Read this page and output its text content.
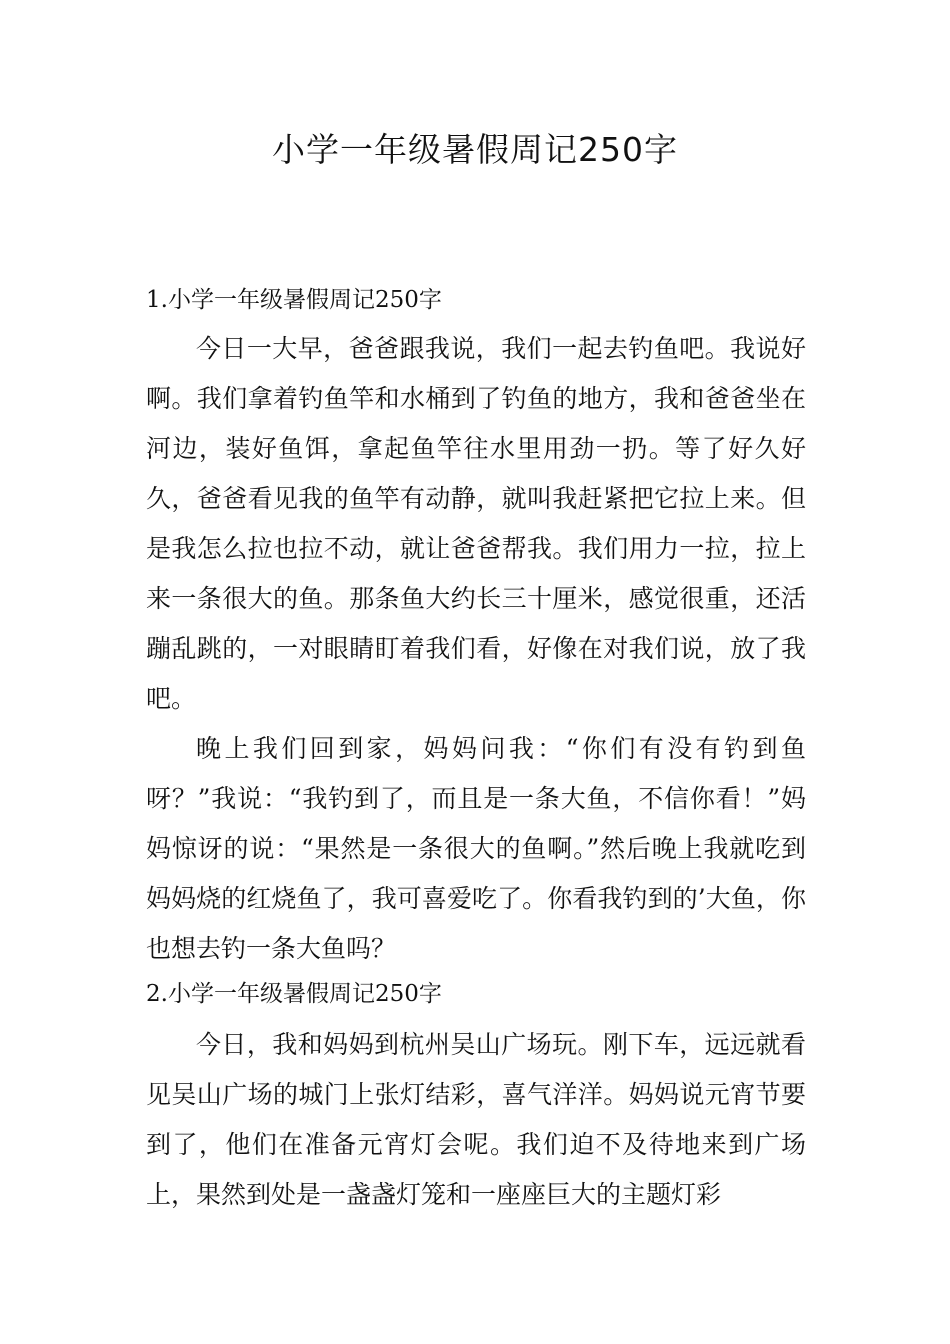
小学一年级暑假周记250字

1.小学一年级暑假周记250字

今日一大早，爸爸跟我说，我们一起去钓鱼吧。我说好啊。我们拿着钓鱼竿和水桶到了钓鱼的地方，我和爸爸坐在河边，装好鱼饵，拿起鱼竿往水里用劲一扔。等了好久好久，爸爸看见我的鱼竿有动静，就叫我赶紧把它拉上来。但是我怎么拉也拉不动，就让爸爸帮我。我们用力一拉，拉上来一条很大的鱼。那条鱼大约长三十厘米，感觉很重，还活蹦乱跳的，一对眼睛盯着我们看，好像在对我们说，放了我吧。

晚上我们回到家，妈妈问我：“你们有没有钓到鱼呀？”我说：“我钓到了，而且是一条大鱼，不信你看！”妈妈惊讶的说：“果然是一条很大的鱼啊。”然后晚上我就吃到妈妈烧的红烧鱼了，我可喜爱吃了。你看我钓到的’大鱼，你也想去钓一条大鱼吗？

2.小学一年级暑假周记250字

今日，我和妈妈到杭州吴山广场玩。刚下车，远远就看见吴山广场的城门上张灯结彩，喜气洋洋。妈妈说元宵节要到了，他们在准备元宵灯会呢。我们迫不及待地来到广场上，果然到处是一盏盏灯笼和一座座巨大的主题灯彩
